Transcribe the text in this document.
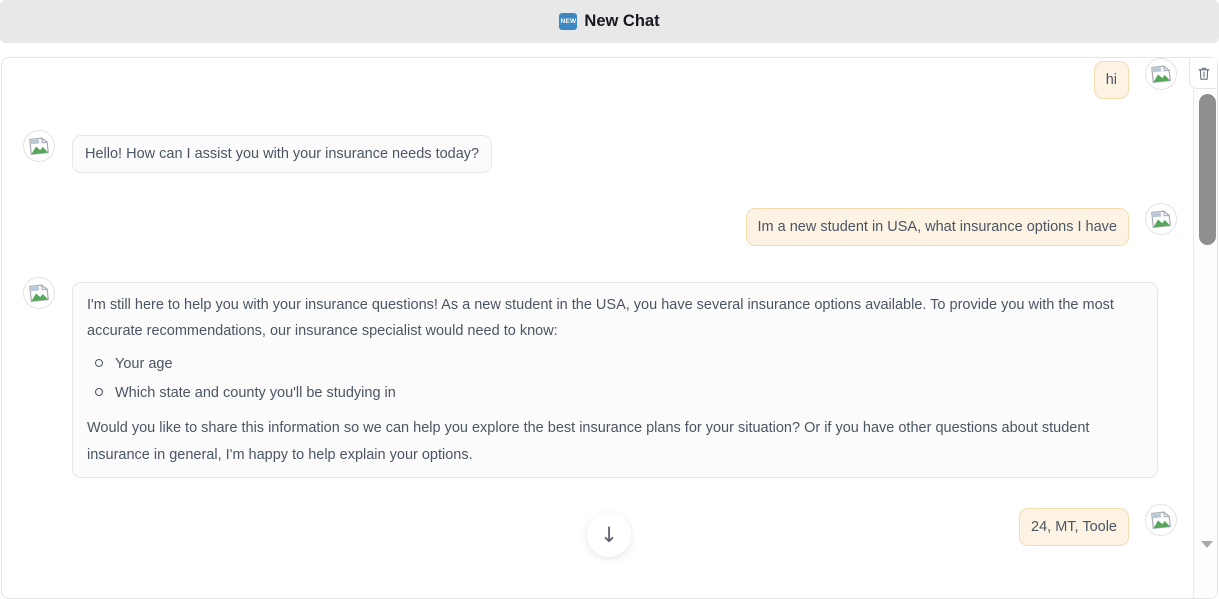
NEW New Chat
hi
Hello! How can I assist you with your insurance needs today?
Im a new student in USA, what insurance options I have

I'm still here to help you with your insurance questions! As a new student in the USA, you have several insurance options available. To provide you with the most accurate recommendations, our insurance specialist would need to know:

Your age
Which state and county you'll be studying in

Would you like to share this information so we can help you explore the best insurance plans for your situation? Or if you have other questions about student insurance in general, I'm happy to help explain your options.

24, MT, Toole
↓
